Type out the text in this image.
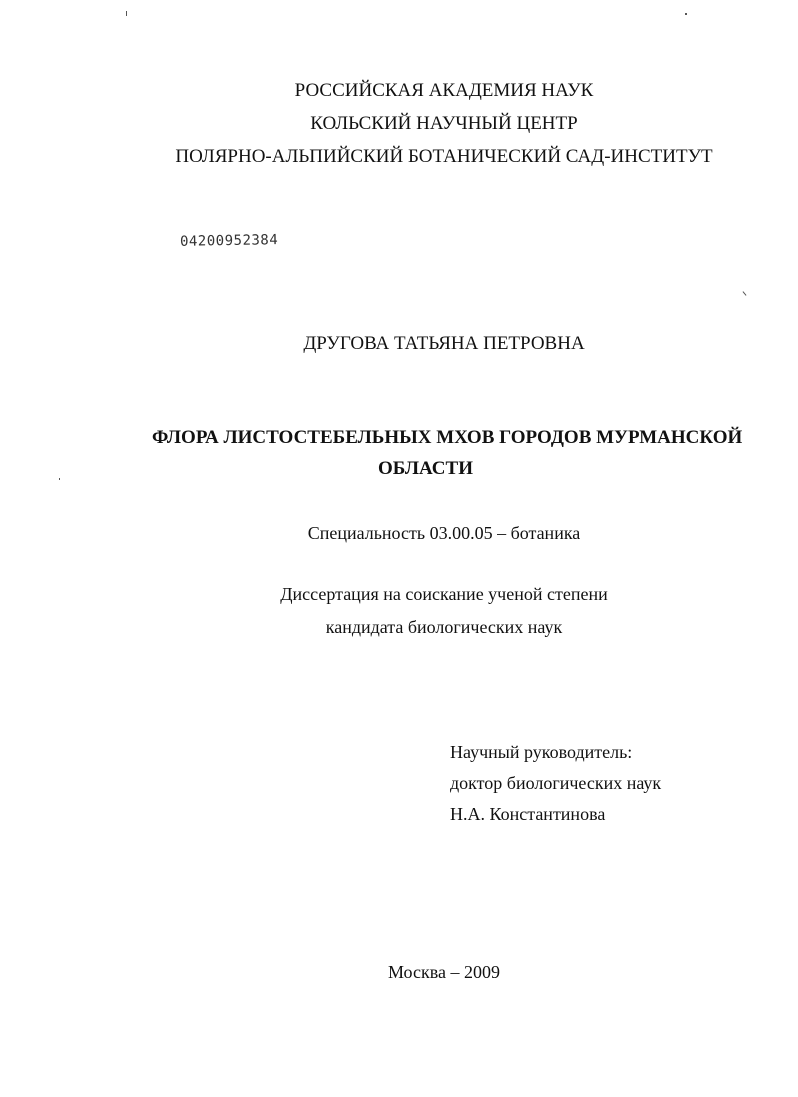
РОССИЙСКАЯ АКАДЕМИЯ НАУК
КОЛЬСКИЙ НАУЧНЫЙ ЦЕНТР
ПОЛЯРНО-АЛЬПИЙСКИЙ БОТАНИЧЕСКИЙ САД-ИНСТИТУТ
04200952384
ДРУГОВА ТАТЬЯНА ПЕТРОВНА
ФЛОРА ЛИСТОСТЕБЕЛЬНЫХ МХОВ ГОРОДОВ МУРМАНСКОЙ
ОБЛАСТИ
Специальность 03.00.05 – ботаника
Диссертация на соискание ученой степени
кандидата биологических наук
Научный руководитель:
доктор биологических наук
Н.А. Константинова
Москва – 2009
